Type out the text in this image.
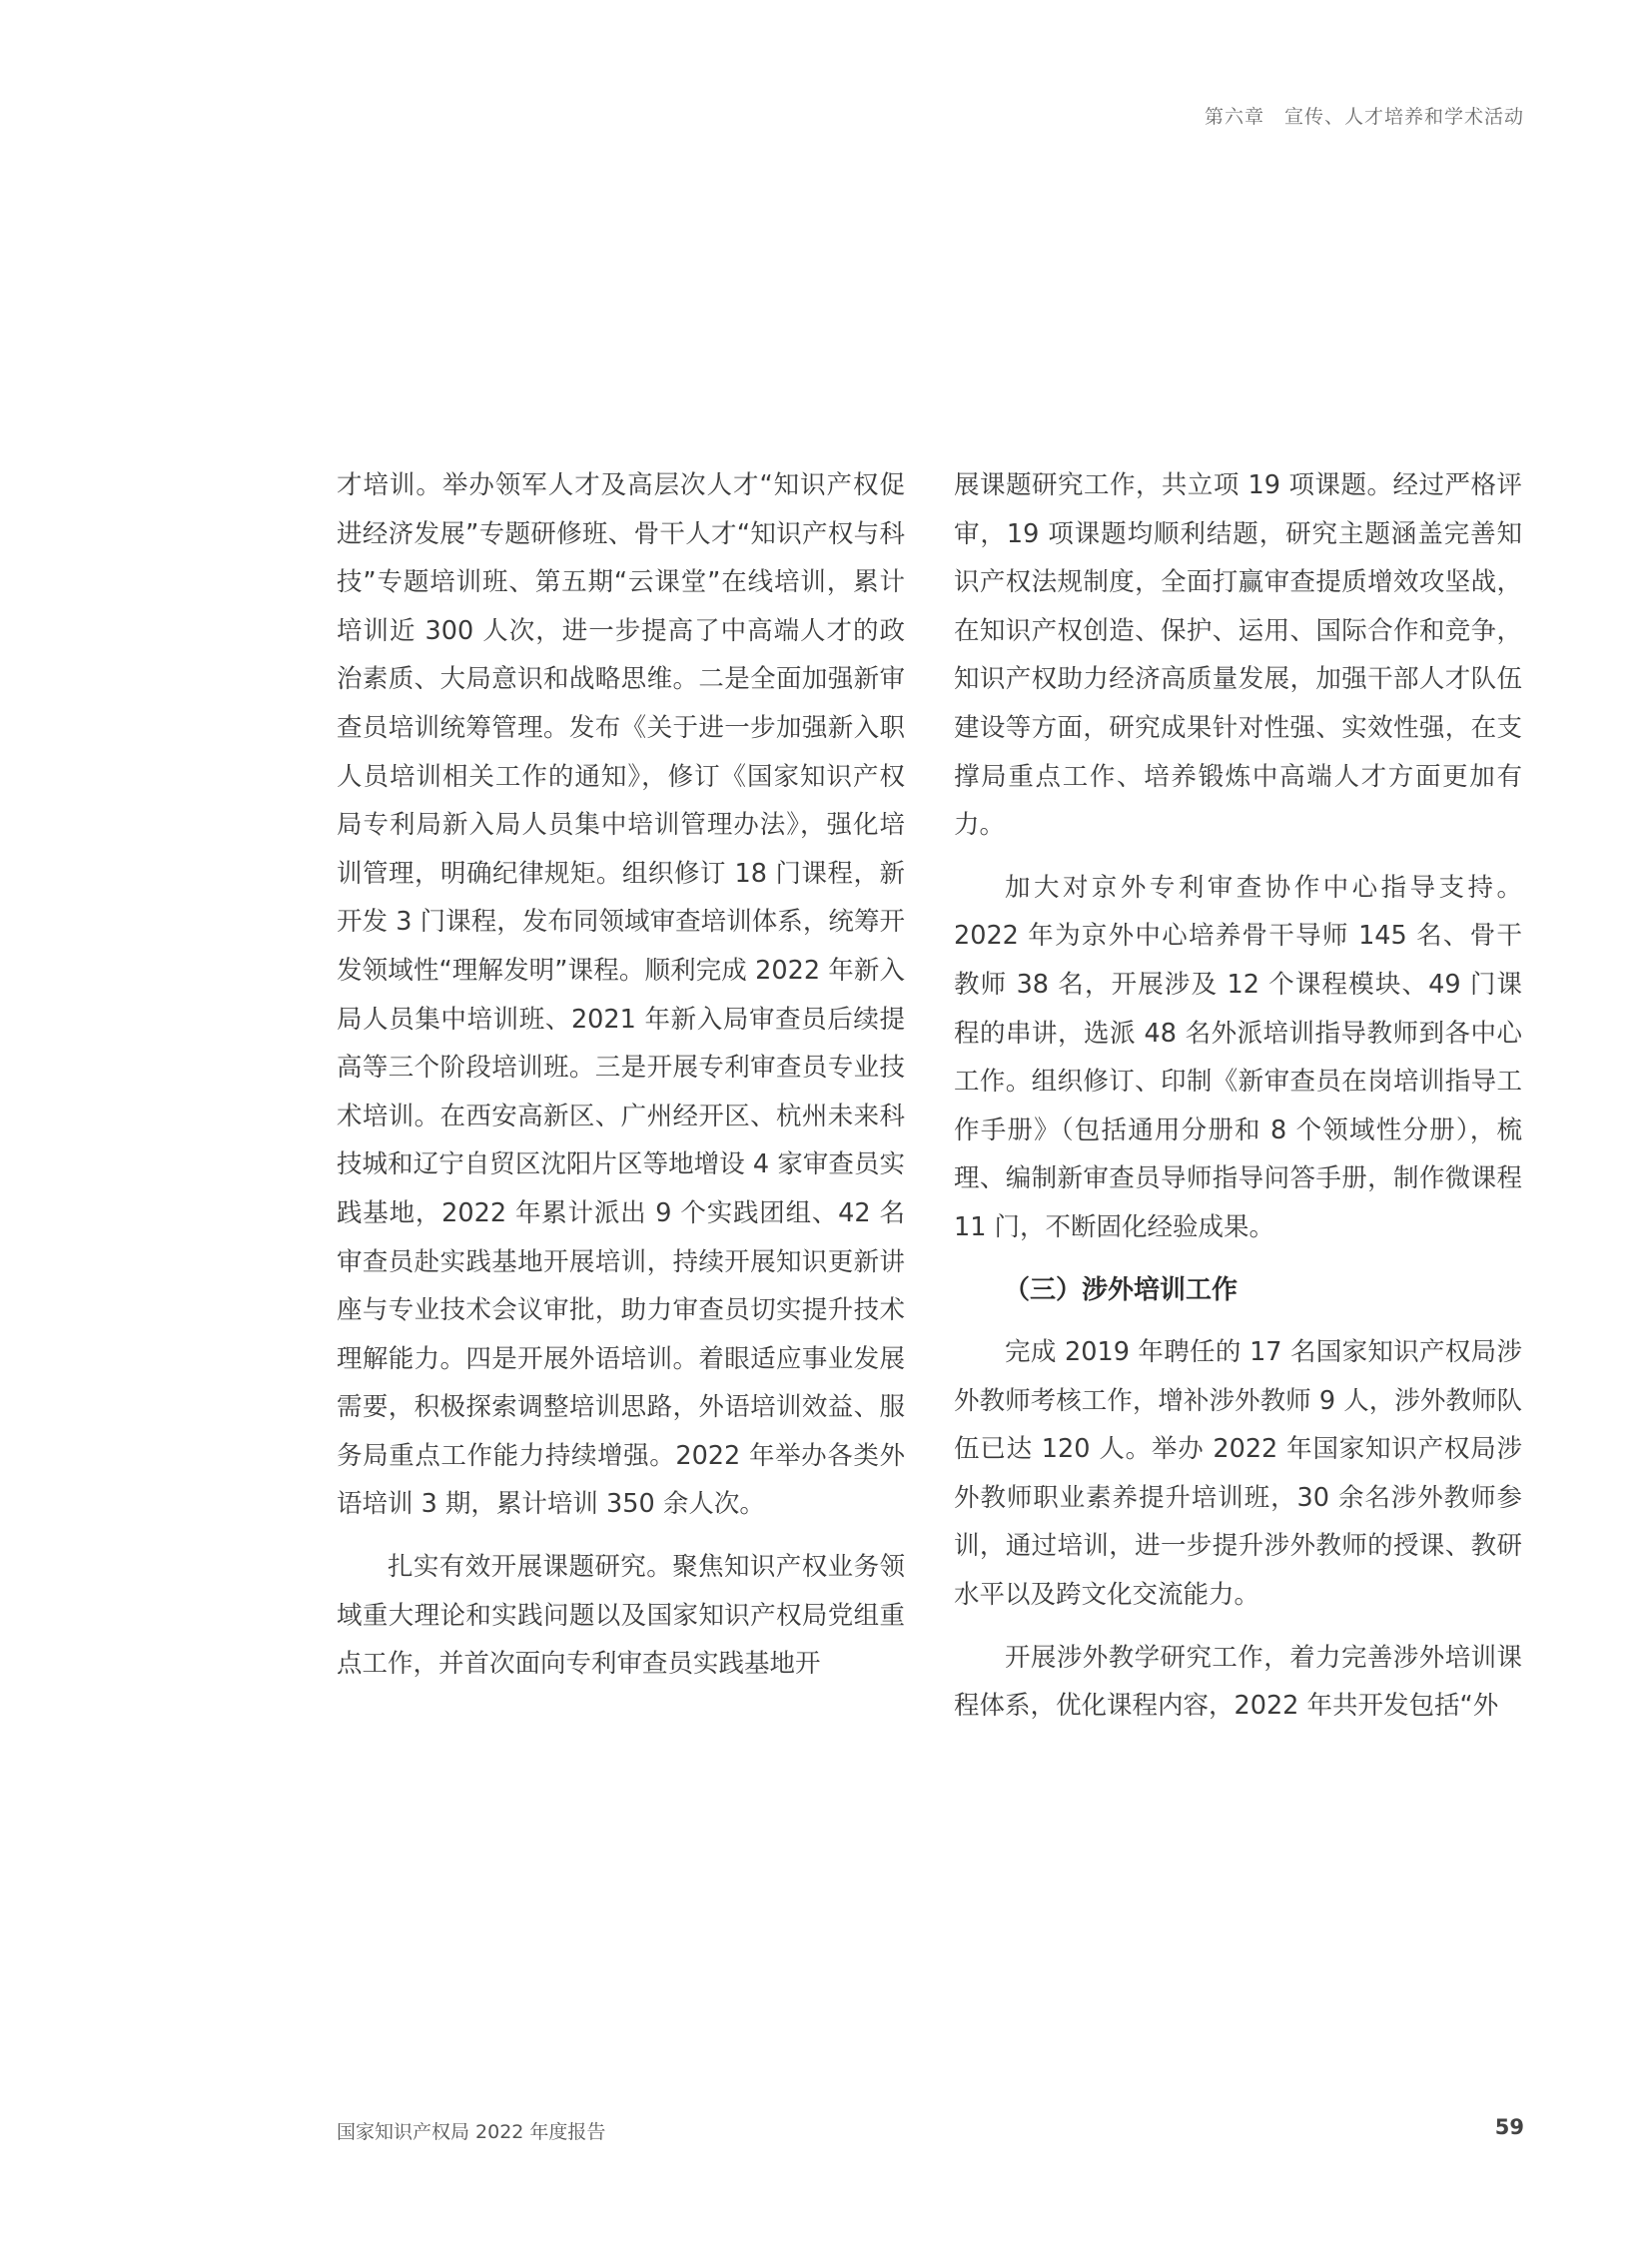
第六章　宣传、人才培养和学术活动

才培训。举办领军人才及高层次人才“知识产权促进经济发展”专题研修班、骨干人才“知识产权与科技”专题培训班、第五期“云课堂”在线培训，累计培训近 300 人次，进一步提高了中高端人才的政治素质、大局意识和战略思维。二是全面加强新审查员培训统筹管理。发布《关于进一步加强新入职人员培训相关工作的通知》，修订《国家知识产权局专利局新入局人员集中培训管理办法》，强化培训管理，明确纪律规矩。组织修订 18 门课程，新开发 3 门课程，发布同领域审查培训体系，统筹开发领域性“理解发明”课程。顺利完成 2022 年新入局人员集中培训班、2021 年新入局审查员后续提高等三个阶段培训班。三是开展专利审查员专业技术培训。在西安高新区、广州经开区、杭州未来科技城和辽宁自贸区沈阳片区等地增设 4 家审查员实践基地，2022 年累计派出 9 个实践团组、42 名审查员赴实践基地开展培训，持续开展知识更新讲座与专业技术会议审批，助力审查员切实提升技术理解能力。四是开展外语培训。着眼适应事业发展需要，积极探索调整培训思路，外语培训效益、服务局重点工作能力持续增强。2022 年举办各类外语培训 3 期，累计培训 350 余人次。

扎实有效开展课题研究。聚焦知识产权业务领域重大理论和实践问题以及国家知识产权局党组重点工作，并首次面向专利审查员实践基地开

展课题研究工作，共立项 19 项课题。经过严格评审，19 项课题均顺利结题，研究主题涵盖完善知识产权法规制度，全面打赢审查提质增效攻坚战，在知识产权创造、保护、运用、国际合作和竞争，知识产权助力经济高质量发展，加强干部人才队伍建设等方面，研究成果针对性强、实效性强，在支撑局重点工作、培养锻炼中高端人才方面更加有力。

加大对京外专利审查协作中心指导支持。2022 年为京外中心培养骨干导师 145 名、骨干教师 38 名，开展涉及 12 个课程模块、49 门课程的串讲，选派 48 名外派培训指导教师到各中心工作。组织修订、印制《新审查员在岗培训指导工作手册》（包括通用分册和 8 个领域性分册），梳理、编制新审查员导师指导问答手册，制作微课程 11 门，不断固化经验成果。

（三）涉外培训工作

完成 2019 年聘任的 17 名国家知识产权局涉外教师考核工作，增补涉外教师 9 人，涉外教师队伍已达 120 人。举办 2022 年国家知识产权局涉外教师职业素养提升培训班，30 余名涉外教师参训，通过培训，进一步提升涉外教师的授课、教研水平以及跨文化交流能力。

开展涉外教学研究工作，着力完善涉外培训课程体系，优化课程内容，2022 年共开发包括“外

国家知识产权局 2022 年度报告	59
